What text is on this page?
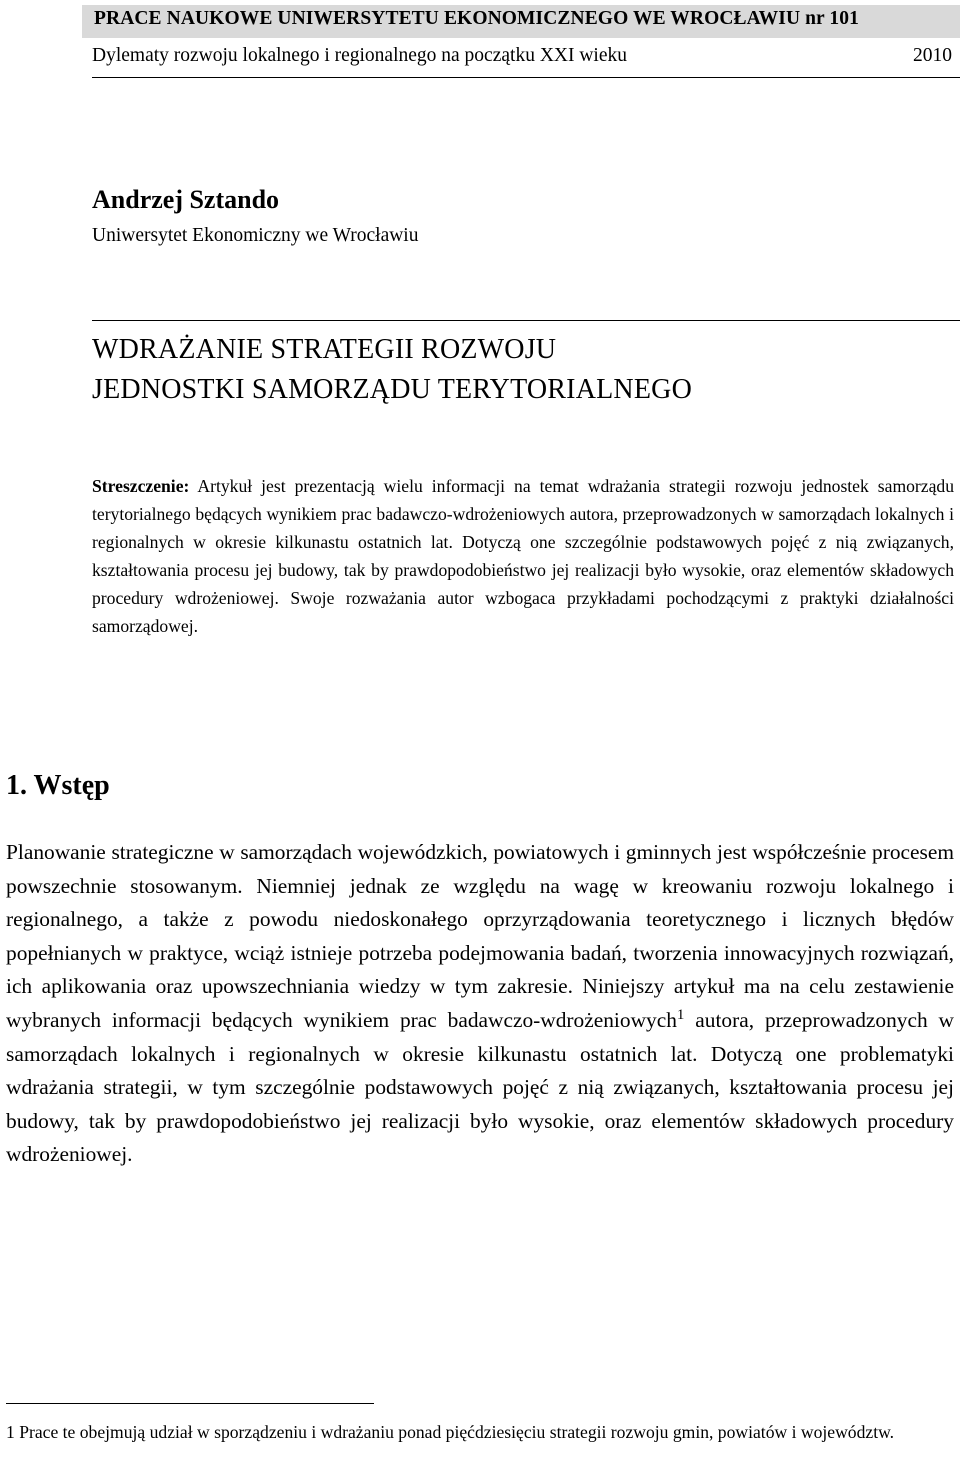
PRACE NAUKOWE UNIWERSYTETU EKONOMICZNEGO WE WROCŁAWIU nr 101
Dylematy rozwoju lokalnego i regionalnego na początku XXI wieku	2010
Andrzej Sztando
Uniwersytet Ekonomiczny we Wrocławiu
WDRAŻANIE STRATEGII ROZWOJU
JEDNOSTKI SAMORZĄDU TERYTORIALNEGO

Streszczenie: Artykuł jest prezentacją wielu informacji na temat wdrażania strategii rozwoju jednostek samorządu terytorialnego będących wynikiem prac badawczo-wdrożeniowych autora, przeprowadzonych w samorządach lokalnych i regionalnych w okresie kilkunastu ostatnich lat. Dotyczą one szczególnie podstawowych pojęć z nią związanych, kształtowania procesu jej budowy, tak by prawdopodobieństwo jej realizacji było wysokie, oraz elementów składowych procedury wdrożeniowej. Swoje rozważania autor wzbogaca przykładami pochodzącymi z praktyki działalności samorządowej.

1. Wstęp

Planowanie strategiczne w samorządach wojewódzkich, powiatowych i gminnych jest współcześnie procesem powszechnie stosowanym. Niemniej jednak ze względu na wagę w kreowaniu rozwoju lokalnego i regionalnego, a także z powodu niedoskonałego oprzyrządowania teoretycznego i licznych błędów popełnianych w praktyce, wciąż istnieje potrzeba podejmowania badań, tworzenia innowacyjnych rozwiązań, ich aplikowania oraz upowszechniania wiedzy w tym zakresie. Niniejszy artykuł ma na celu zestawienie wybranych informacji będących wynikiem prac badawczo-wdrożeniowych$^1$ autora, przeprowadzonych w samorządach lokalnych i regionalnych w okresie kilkunastu ostatnich lat. Dotyczą one problematyki wdrażania strategii, w tym szczególnie podstawowych pojęć z nią związanych, kształtowania procesu jej budowy, tak by prawdopodobieństwo jej realizacji było wysokie, oraz elementów składowych procedury wdrożeniowej.

1 Prace te obejmują udział w sporządzeniu i wdrażaniu ponad pięćdziesięciu strategii rozwoju gmin, powiatów i województw.
